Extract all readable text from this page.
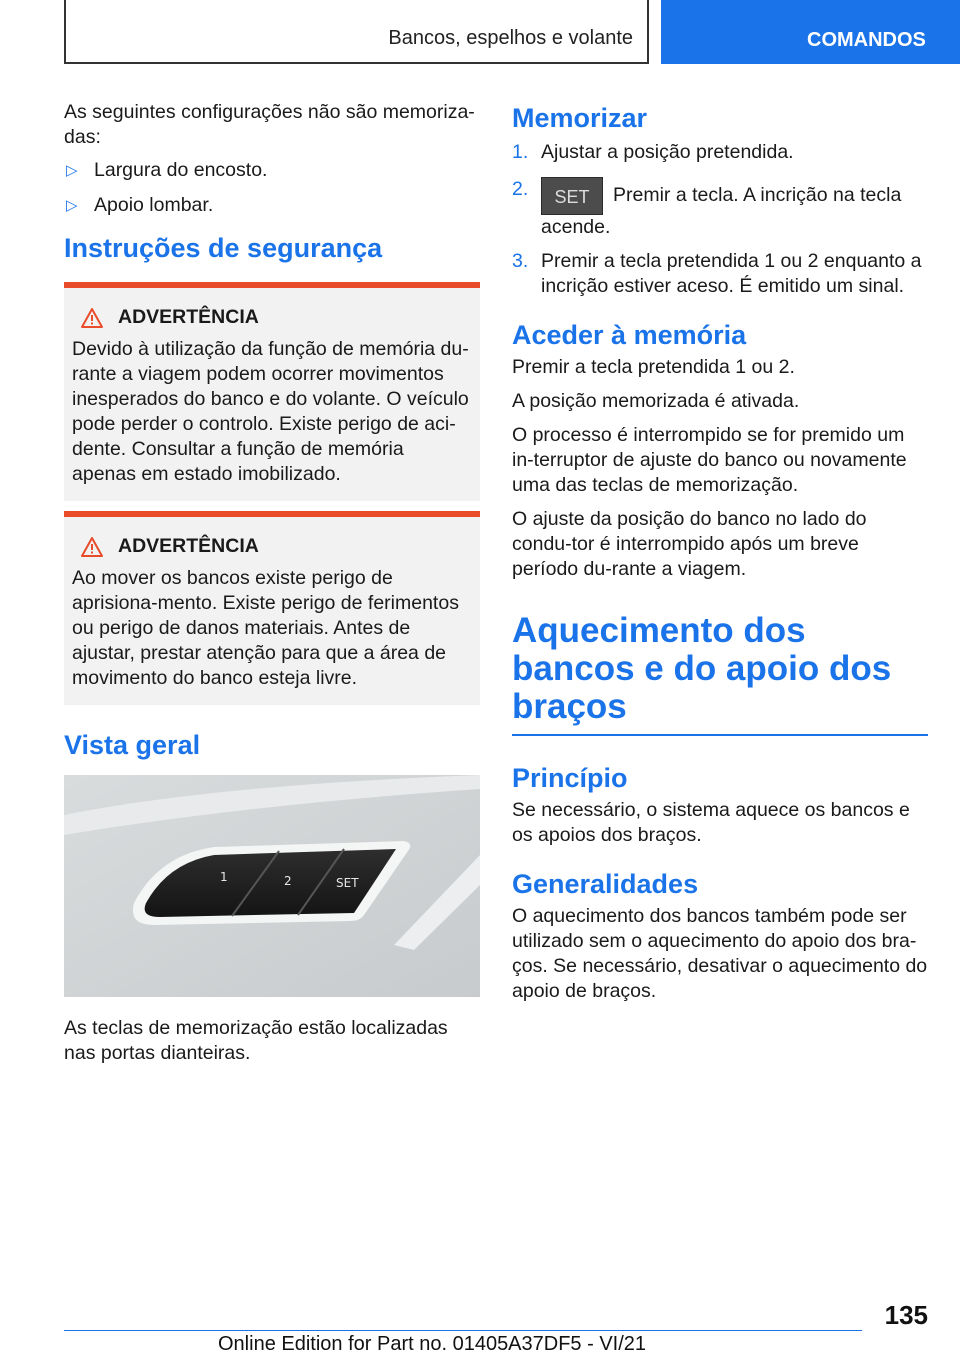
Bancos, espelhos e volante	COMANDOS

As seguintes configurações não são memoriza-das:

▷ Largura do encosto.
▷ Apoio lombar.
Instruções de segurança
ADVERTÊNCIA

Devido à utilização da função de memória du-rante a viagem podem ocorrer movimentos inesperados do banco e do volante. O veículo pode perder o controlo. Existe perigo de aci-dente. Consultar a função de memória apenas em estado imobilizado.

ADVERTÊNCIA

Ao mover os bancos existe perigo de aprisiona-mento. Existe perigo de ferimentos ou perigo de danos materiais. Antes de ajustar, prestar atenção para que a área de movimento do banco esteja livre.

Vista geral
1	2	SET

As teclas de memorização estão localizadas nas portas dianteiras.

Memorizar
1. Ajustar a posição pretendida.
2.	SET Premir a tecla. A incrição na tecla acende.
3. Premir a tecla pretendida 1 ou 2 enquanto a incrição estiver aceso. É emitido um sinal.
Aceder à memória

Premir a tecla pretendida 1 ou 2.

A posição memorizada é ativada.

O processo é interrompido se for premido um in-terruptor de ajuste do banco ou novamente uma das teclas de memorização.

O ajuste da posição do banco no lado do condu-tor é interrompido após um breve período du-rante a viagem.

Aquecimento dos bancos e do apoio dos braços
Princípio

Se necessário, o sistema aquece os bancos e os apoios dos braços.

Generalidades

O aquecimento dos bancos também pode ser utilizado sem o aquecimento do apoio dos bra-ços. Se necessário, desativar o aquecimento do apoio de braços.

135
Online Edition for Part no. 01405A37DF5 - VI/21
